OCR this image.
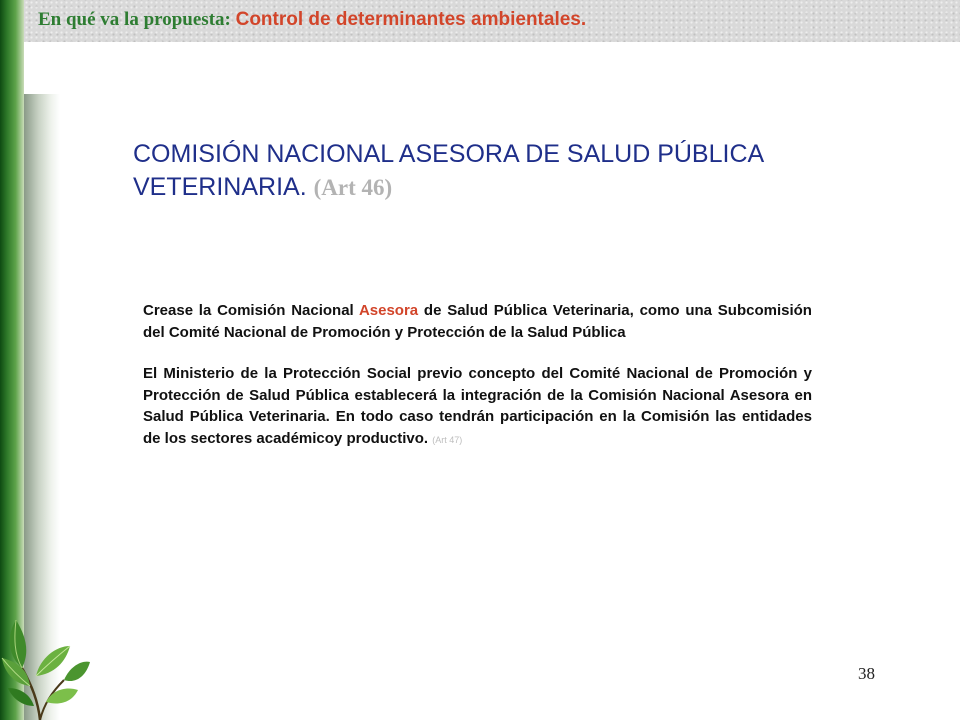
En qué va la propuesta: Control de determinantes ambientales.
COMISIÓN NACIONAL ASESORA DE SALUD PÚBLICA VETERINARIA. (Art 46)

Crease la Comisión Nacional Asesora de Salud Pública Veterinaria, como una Subcomisión del Comité Nacional de Promoción y Protección de la Salud Pública

El Ministerio de la Protección Social previo concepto del Comité Nacional de Promoción y Protección de Salud Pública establecerá la integración de la Comisión Nacional Asesora en Salud Pública Veterinaria. En todo caso tendrán participación en la Comisión las entidades de los sectores académicoy productivo. (Art 47)

38
